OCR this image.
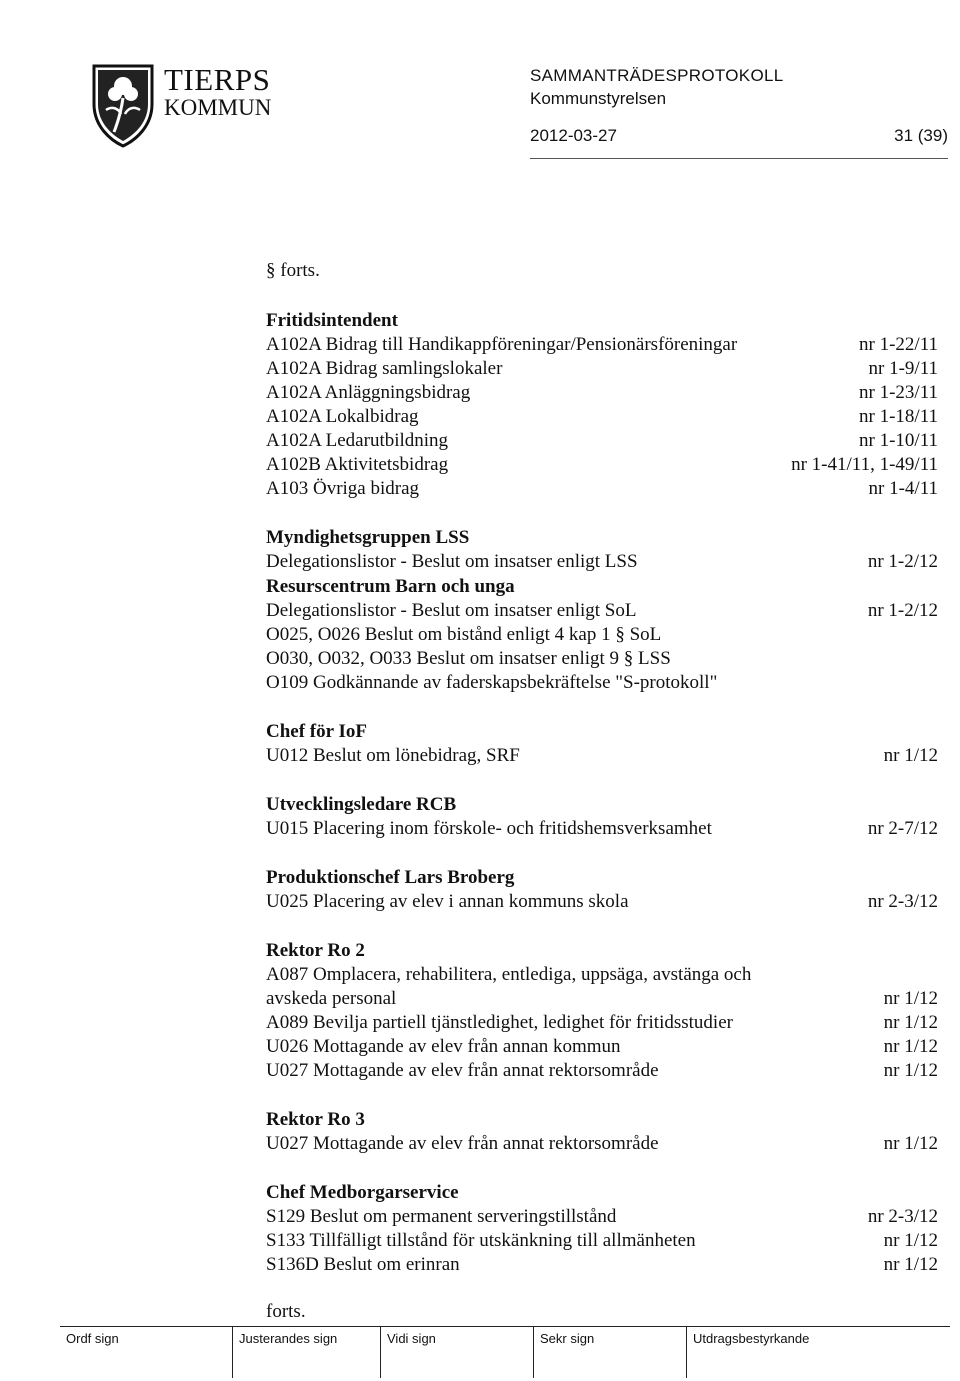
TIERPS
KOMMUN
SAMMANTRÄDESPROTOKOLL
Kommunstyrelsen
2012-03-27	31 (39)
§ forts.
Fritidsintendent
A102A Bidrag till Handikappföreningar/Pensionärsföreningar	nr 1-22/11
A102A Bidrag samlingslokaler	nr 1-9/11
A102A Anläggningsbidrag	nr 1-23/11
A102A Lokalbidrag	nr 1-18/11
A102A Ledarutbildning	nr 1-10/11
A102B Aktivitetsbidrag	nr 1-41/11, 1-49/11
A103 Övriga bidrag	nr 1-4/11
Myndighetsgruppen LSS
Delegationslistor - Beslut om insatser enligt LSS	nr 1-2/12
Resurscentrum Barn och unga
Delegationslistor - Beslut om insatser enligt SoL	nr 1-2/12
O025, O026 Beslut om bistånd enligt 4 kap 1 § SoL
O030, O032, O033 Beslut om insatser enligt 9 § LSS
O109 Godkännande av faderskapsbekräftelse "S-protokoll"
Chef för IoF
U012 Beslut om lönebidrag, SRF	nr 1/12
Utvecklingsledare RCB
U015 Placering inom förskole- och fritidshemsverksamhet	nr 2-7/12
Produktionschef Lars Broberg
U025 Placering av elev i annan kommuns skola	nr 2-3/12
Rektor Ro 2
A087 Omplacera, rehabilitera, entlediga, uppsäga, avstänga och
avskeda personal	nr 1/12
A089 Bevilja partiell tjänstledighet, ledighet för fritidsstudier	nr 1/12
U026 Mottagande av elev från annan kommun	nr 1/12
U027 Mottagande av elev från annat rektorsområde	nr 1/12
Rektor Ro 3
U027 Mottagande av elev från annat rektorsområde	nr 1/12
Chef Medborgarservice
S129 Beslut om permanent serveringstillstånd	nr 2-3/12
S133 Tillfälligt tillstånd för utskänkning till allmänheten	nr 1/12
S136D Beslut om erinran	nr 1/12
forts.
Ordf sign	Justerandes sign	Vidi sign	Sekr sign	Utdragsbestyrkande
